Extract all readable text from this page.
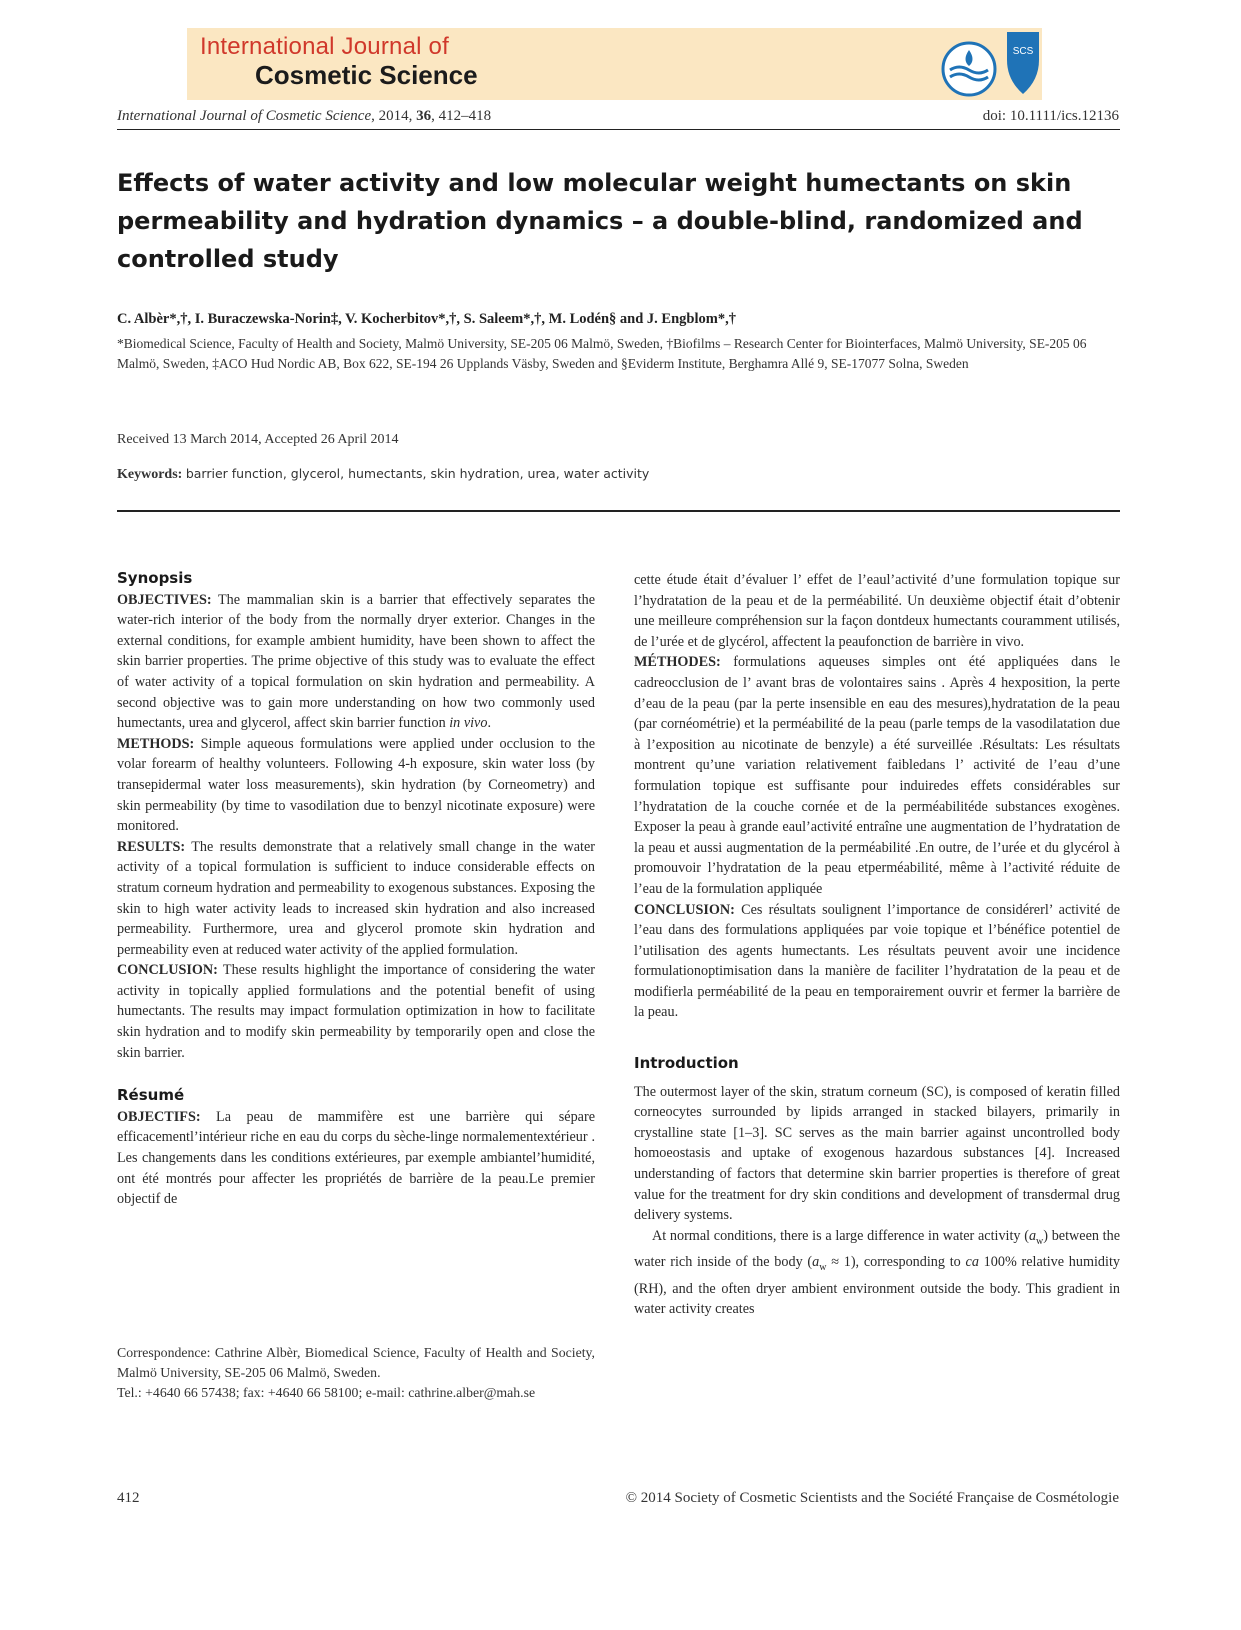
International Journal of
Cosmetic Science
SCS
International Journal of Cosmetic Science, 2014, 36, 412–418	doi: 10.1111/ics.12136
Effects of water activity and low molecular weight humectants on skin permeability and hydration dynamics – a double-blind, randomized and controlled study
C. Albèr*,†, I. Buraczewska-Norin‡, V. Kocherbitov*,†, S. Saleem*,†, M. Lodén§ and J. Engblom*,†
*Biomedical Science, Faculty of Health and Society, Malmö University, SE-205 06 Malmö, Sweden, †Biofilms – Research Center for Biointerfaces, Malmö University, SE-205 06 Malmö, Sweden, ‡ACO Hud Nordic AB, Box 622, SE-194 26 Upplands Väsby, Sweden and §Eviderm Institute, Berghamra Allé 9, SE-17077 Solna, Sweden
Received 13 March 2014, Accepted 26 April 2014
Keywords: barrier function, glycerol, humectants, skin hydration, urea, water activity
Synopsis

OBJECTIVES: The mammalian skin is a barrier that effectively separates the water-rich interior of the body from the normally dryer exterior. Changes in the external conditions, for example ambient humidity, have been shown to affect the skin barrier properties. The prime objective of this study was to evaluate the effect of water activity of a topical formulation on skin hydration and permeability. A second objective was to gain more understanding on how two commonly used humectants, urea and glycerol, affect skin barrier function in vivo.

METHODS: Simple aqueous formulations were applied under occlusion to the volar forearm of healthy volunteers. Following 4-h exposure, skin water loss (by transepidermal water loss measurements), skin hydration (by Corneometry) and skin permeability (by time to vasodilation due to benzyl nicotinate exposure) were monitored.

RESULTS: The results demonstrate that a relatively small change in the water activity of a topical formulation is sufficient to induce considerable effects on stratum corneum hydration and permeability to exogenous substances. Exposing the skin to high water activity leads to increased skin hydration and also increased permeability. Furthermore, urea and glycerol promote skin hydration and permeability even at reduced water activity of the applied formulation.

CONCLUSION: These results highlight the importance of considering the water activity in topically applied formulations and the potential benefit of using humectants. The results may impact formulation optimization in how to facilitate skin hydration and to modify skin permeability by temporarily open and close the skin barrier.

Résumé

OBJECTIFS: La peau de mammifère est une barrière qui sépare efficacementl’intérieur riche en eau du corps du sèche-linge normalementextérieur . Les changements dans les conditions extérieures, par exemple ambiantel’humidité, ont été montrés pour affecter les propriétés de barrière de la peau.Le premier objectif de

Correspondence: Cathrine Albèr, Biomedical Science, Faculty of Health and Society, Malmö University, SE-205 06 Malmö, Sweden.
Tel.: +4640 66 57438; fax: +4640 66 58100; e-mail: cathrine.alber@mah.se

cette étude était d’évaluer l’ effet de l’eaul’activité d’une formulation topique sur l’hydratation de la peau et de la perméabilité. Un deuxième objectif était d’obtenir une meilleure compréhension sur la façon dontdeux humectants couramment utilisés, de l’urée et de glycérol, affectent la peaufonction de barrière in vivo.

MÉTHODES: formulations aqueuses simples ont été appliquées dans le cadreocclusion de l’ avant bras de volontaires sains . Après 4 hexposition, la perte d’eau de la peau (par la perte insensible en eau des mesures),hydratation de la peau (par cornéométrie) et la perméabilité de la peau (parle temps de la vasodilatation due à l’exposition au nicotinate de benzyle) a été surveillée .Résultats: Les résultats montrent qu’une variation relativement faibledans l’ activité de l’eau d’une formulation topique est suffisante pour induiredes effets considérables sur l’hydratation de la couche cornée et de la perméabilitéde substances exogènes. Exposer la peau à grande eaul’activité entraîne une augmentation de l’hydratation de la peau et aussi augmentation de la perméabilité .En outre, de l’urée et du glycérol à promouvoir l’hydratation de la peau etperméabilité, même à l’activité réduite de l’eau de la formulation appliquée

CONCLUSION: Ces résultats soulignent l’importance de considérerl’ activité de l’eau dans des formulations appliquées par voie topique et l’bénéfice potentiel de l’utilisation des agents humectants. Les résultats peuvent avoir une incidence formulationoptimisation dans la manière de faciliter l’hydratation de la peau et de modifierla perméabilité de la peau en temporairement ouvrir et fermer la barrière de la peau.

Introduction

The outermost layer of the skin, stratum corneum (SC), is composed of keratin filled corneocytes surrounded by lipids arranged in stacked bilayers, primarily in crystalline state [1–3]. SC serves as the main barrier against uncontrolled body homoeostasis and uptake of exogenous hazardous substances [4]. Increased understanding of factors that determine skin barrier properties is therefore of great value for the treatment for dry skin conditions and development of transdermal drug delivery systems.

At normal conditions, there is a large difference in water activity $(a_w)$ between the water rich inside of the body $(a_w \approx 1)$, corresponding to ca 100% relative humidity (RH), and the often dryer ambient environment outside the body. This gradient in water activity creates

412	© 2014 Society of Cosmetic Scientists and the Société Française de Cosmétologie
